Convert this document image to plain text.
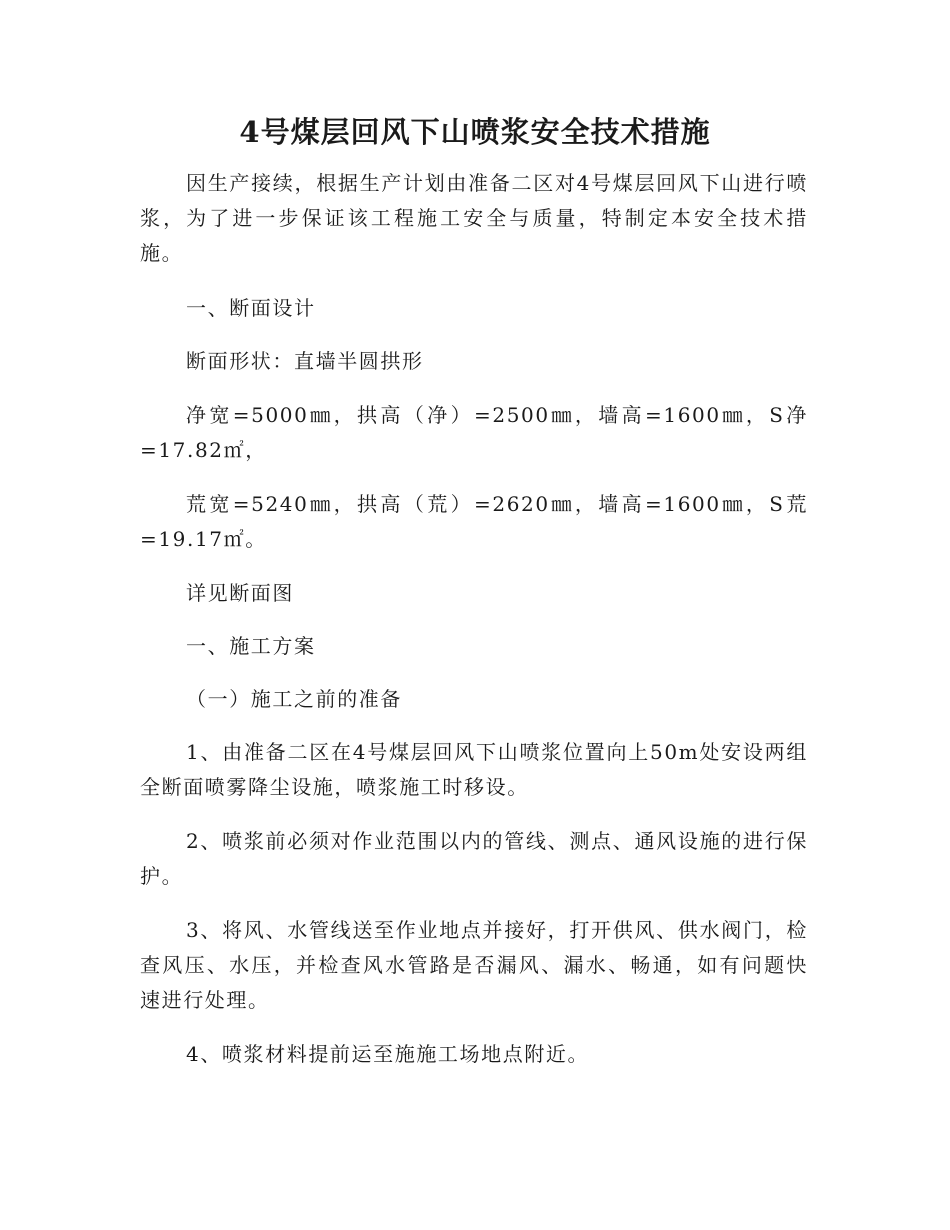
4号煤层回风下山喷浆安全技术措施

因生产接续，根据生产计划由准备二区对4号煤层回风下山进行喷浆，为了进一步保证该工程施工安全与质量，特制定本安全技术措施。

一、断面设计

断面形状：直墙半圆拱形

净宽=5000㎜，拱高（净）=2500㎜，墙高=1600㎜，S净 =17.82㎡，

荒宽=5240㎜，拱高（荒）=2620㎜，墙高=1600㎜，S荒 =19.17㎡。

详见断面图

一、施工方案

（一）施工之前的准备

1、由准备二区在4号煤层回风下山喷浆位置向上50m处安设两组全断面喷雾降尘设施，喷浆施工时移设。

2、喷浆前必须对作业范围以内的管线、测点、通风设施的进行保护。

3、将风、水管线送至作业地点并接好，打开供风、供水阀门，检查风压、水压，并检查风水管路是否漏风、漏水、畅通，如有问题快速进行处理。

4、喷浆材料提前运至施施工场地点附近。
